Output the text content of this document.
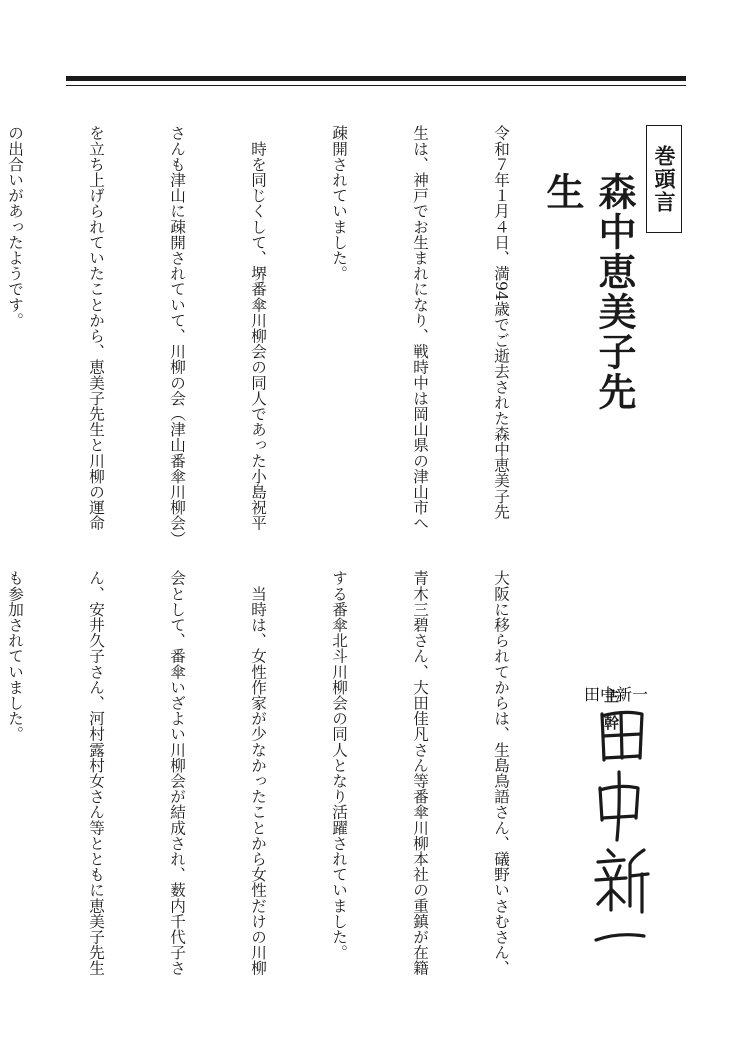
巻頭言
森中恵美子先生

令和７年１月４日、満94歳でご逝去された森中恵美子先

生は、神戸でお生まれになり、戦時中は岡山県の津山市へ

疎開されていました。

　時を同じくして、堺番傘川柳会の同人であった小島祝平

さんも津山に疎開されていて、川柳の会（津山番傘川柳会）

を立ち上げられていたことから、恵美子先生と川柳の運命

の出合いがあったようです。

大阪に移られてからは、生島鳥語さん、礒野いさむさん、

青木三碧さん、大田佳凡さん等番傘川柳本社の重鎮が在籍

する番傘北斗川柳会の同人となり活躍されていました。

　当時は、女性作家が少なかったことから女性だけの川柳

会として、番傘いざよい川柳会が結成され、薮内千代子さ

ん、安井久子さん、河村露村女さん等とともに恵美子先生

も参加されていました。

	主幹
田中新一
